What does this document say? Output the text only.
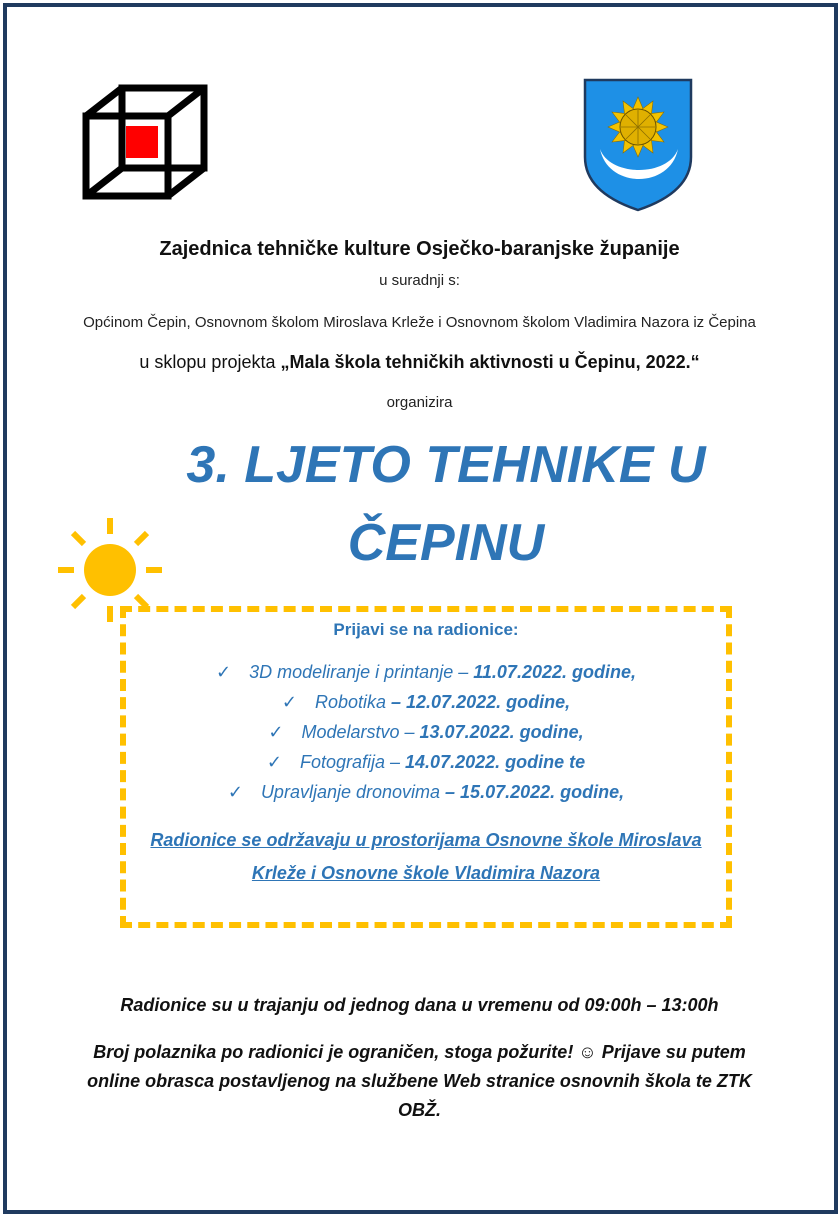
Zajednica tehničke kulture Osječko-baranjske županije
u suradnji s:
Općinom Čepin, Osnovnom školom Miroslava Krleže i Osnovnom školom Vladimira Nazora iz Čepina
u sklopu projekta „Mala škola tehničkih aktivnosti u Čepinu, 2022.“
organizira
3. LJETO TEHNIKE U
ČEPINU
Prijavi se na radionice:
✓ 3D modeliranje i printanje – 11.07.2022. godine,
✓ Robotika – 12.07.2022. godine,
✓ Modelarstvo – 13.07.2022. godine,
✓ Fotografija – 14.07.2022. godine te
✓ Upravljanje dronovima – 15.07.2022. godine,
Radionice se održavaju u prostorijama Osnovne škole Miroslava
Krleže i Osnovne škole Vladimira Nazora
Radionice su u trajanju od jednog dana u vremenu od 09:00h – 13:00h
Broj polaznika po radionici je ograničen, stoga požurite! ☺ Prijave su putem
online obrasca postavljenog na službene Web stranice osnovnih škola te ZTK
OBŽ.
